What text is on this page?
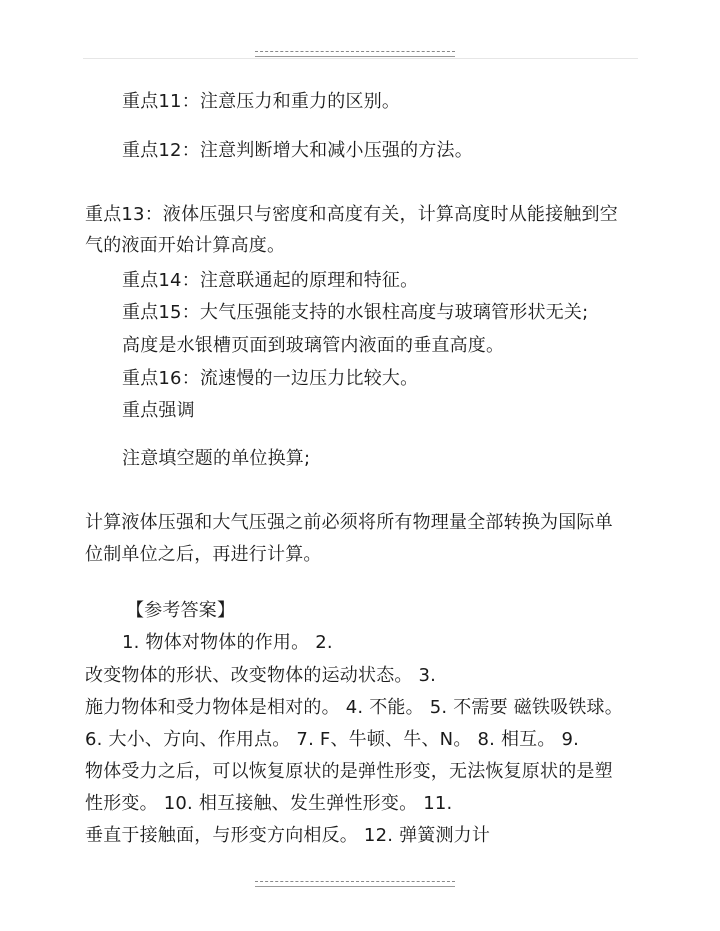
重点11：注意压力和重力的区别。
重点12：注意判断增大和减小压强的方法。
重点13：液体压强只与密度和高度有关，计算高度时从能接触到空
气的液面开始计算高度。
重点14：注意联通起的原理和特征。
重点15：大气压强能支持的水银柱高度与玻璃管形状无关;
高度是水银槽页面到玻璃管内液面的垂直高度。
重点16：流速慢的一边压力比较大。
重点强调
注意填空题的单位换算;
计算液体压强和大气压强之前必须将所有物理量全部转换为国际单
位制单位之后，再进行计算。
【参考答案】
1. 物体对物体的作用。 2.
改变物体的形状、改变物体的运动状态。 3.
施力物体和受力物体是相对的。 4. 不能。 5. 不需要 磁铁吸铁球。
6. 大小、方向、作用点。 7. F、牛顿、牛、N。 8. 相互。 9.
物体受力之后，可以恢复原状的是弹性形变，无法恢复原状的是塑
性形变。 10. 相互接触、发生弹性形变。 11.
垂直于接触面，与形变方向相反。 12. 弹簧测力计
